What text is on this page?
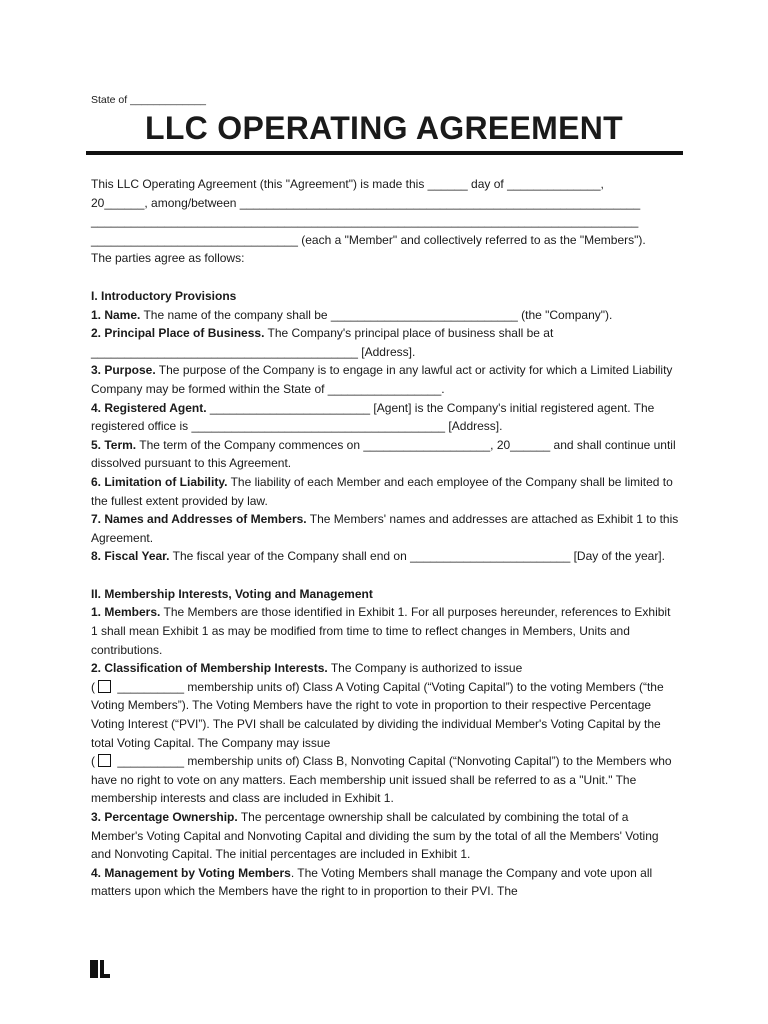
State of _____________
LLC OPERATING AGREEMENT

This LLC Operating Agreement (this "Agreement") is made this ______ day of ______________,

20______, among/between ____________________________________________________________

__________________________________________________________________________________

_______________________________ (each a "Member" and collectively referred to as the "Members").

The parties agree as follows:

I. Introductory Provisions

1. Name. The name of the company shall be ____________________________ (the "Company").

2. Principal Place of Business. The Company's principal place of business shall be at ________________________________________ [Address].

3. Purpose. The purpose of the Company is to engage in any lawful act or activity for which a Limited Liability Company may be formed within the State of _________________.

4. Registered Agent. ________________________ [Agent] is the Company's initial registered agent. The registered office is ______________________________________ [Address].

5. Term. The term of the Company commences on ___________________, 20______ and shall continue until dissolved pursuant to this Agreement.

6. Limitation of Liability. The liability of each Member and each employee of the Company shall be limited to the fullest extent provided by law.

7. Names and Addresses of Members. The Members' names and addresses are attached as Exhibit 1 to this Agreement.

8. Fiscal Year. The fiscal year of the Company shall end on ________________________ [Day of the year].

II. Membership Interests, Voting and Management

1. Members. The Members are those identified in Exhibit 1. For all purposes hereunder, references to Exhibit 1 shall mean Exhibit 1 as may be modified from time to time to reflect changes in Members, Units and contributions.

2. Classification of Membership Interests. The Company is authorized to issue
( __________ membership units of) Class A Voting Capital (“Voting Capital”) to the voting Members (“the Voting Members”). The Voting Members have the right to vote in proportion to their respective Percentage Voting Interest (“PVI”). The PVI shall be calculated by dividing the individual Member's Voting Capital by the total Voting Capital. The Company may issue
( __________ membership units of) Class B, Nonvoting Capital (“Nonvoting Capital”) to the Members who have no right to vote on any matters. Each membership unit issued shall be referred to as a "Unit." The membership interests and class are included in Exhibit 1.

3. Percentage Ownership. The percentage ownership shall be calculated by combining the total of a Member's Voting Capital and Nonvoting Capital and dividing the sum by the total of all the Members' Voting and Nonvoting Capital. The initial percentages are included in Exhibit 1.

4. Management by Voting Members. The Voting Members shall manage the Company and vote upon all matters upon which the Members have the right to in proportion to their PVI. The
